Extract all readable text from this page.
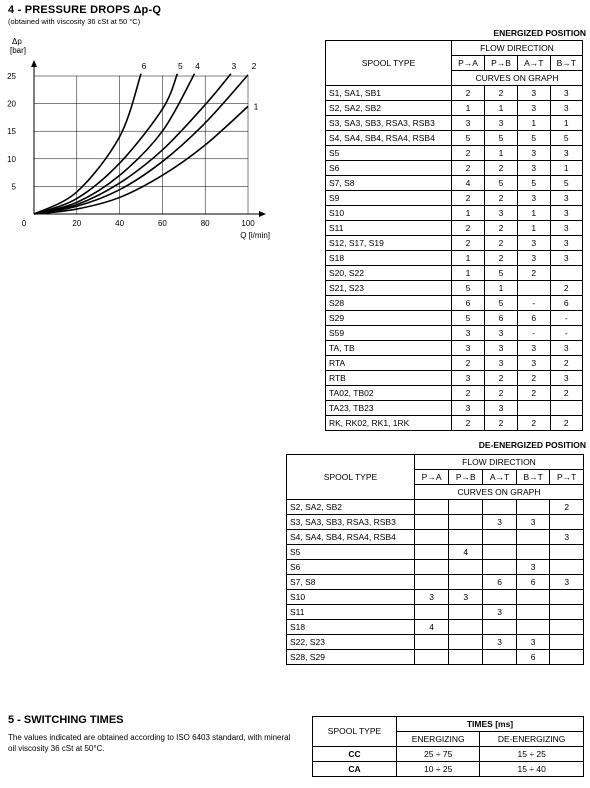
4 - PRESSURE DROPS Δp-Q
(obtained with viscosity 36 cSt at 50 °C)
0	20	40	60	80	100
5
10
15
20
25
Δp
[bar]
Q [l/min]
1
2
3
4
5
6
ENERGIZED POSITION
SPOOL TYPE	FLOW DIRECTION			
	P→A	P→B	A→T	B→T
	CURVES ON GRAPH			
S1, SA1, SB1	2	2	3	3
S2, SA2, SB2	1	1	3	3
S3, SA3, SB3, RSA3, RSB3	3	3	1	1
S4, SA4, SB4, RSA4, RSB4	5	5	5	5
S5	2	1	3	3
S6	2	2	3	1
S7, S8	4	5	5	5
S9	2	2	3	3
S10	1	3	1	3
S11	2	2	1	3
S12, S17, S19	2	2	3	3
S18	1	2	3	3
S20, S22	1	5	2	
S21, S23	5	1		2
S28	6	5	-	6
S29	5	6	6	-
S59	3	3	-	-
TA, TB	3	3	3	3
RTA	2	3	3	2
RTB	3	2	2	3
TA02, TB02	2	2	2	2
TA23, TB23	3	3		
RK, RK02, RK1, 1RK	2	2	2	2
DE-ENERGIZED POSITION
SPOOL TYPE	FLOW DIRECTION				
	P→A	P→B	A→T	B→T	P→T
	CURVES ON GRAPH				
S2, SA2, SB2					2
S3, SA3, SB3, RSA3, RSB3			3	3	
S4, SA4, SB4, RSA4, RSB4					3
S5		4			
S6				3	
S7, S8			6	6	3
S10	3	3			
S11			3		
S18	4				
S22, S23			3	3	
S28, S29				6	
5 - SWITCHING TIMES
The values indicated are obtained according to ISO 6403 standard, with mineral oil viscosity 36 cSt at 50°C.
SPOOL TYPE	TIMES [ms]	
	ENERGIZING	DE-ENERGIZING
CC	25 ÷ 75	15 ÷ 25
CA	10 ÷ 25	15 ÷ 40
